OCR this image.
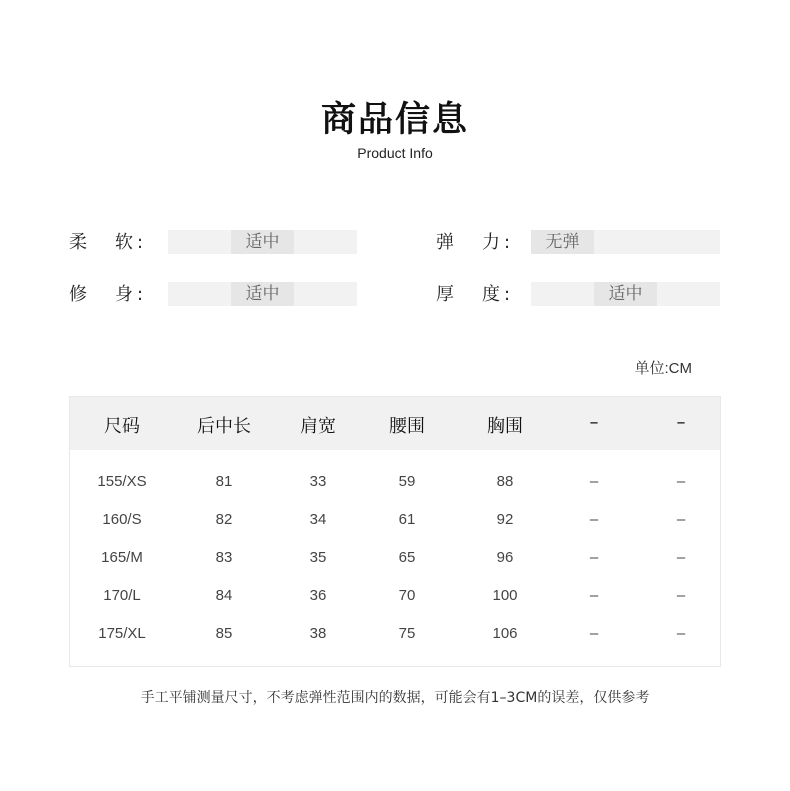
商品信息
Product Info
柔 软 :	适中	弹 力 :	无弹
修 身 :	适中	厚 度 :	适中
单位:CM
尺码	后中长	肩宽	腰围	胸围	–	–
155/XS	81	33	59	88	–	–
160/S	82	34	61	92	–	–
165/M	83	35	65	96	–	–
170/L	84	36	70	100	–	–
175/XL	85	38	75	106	–	–
手工平铺测量尺寸，不考虑弹性范围内的数据，可能会有1–3CM的误差，仅供参考
